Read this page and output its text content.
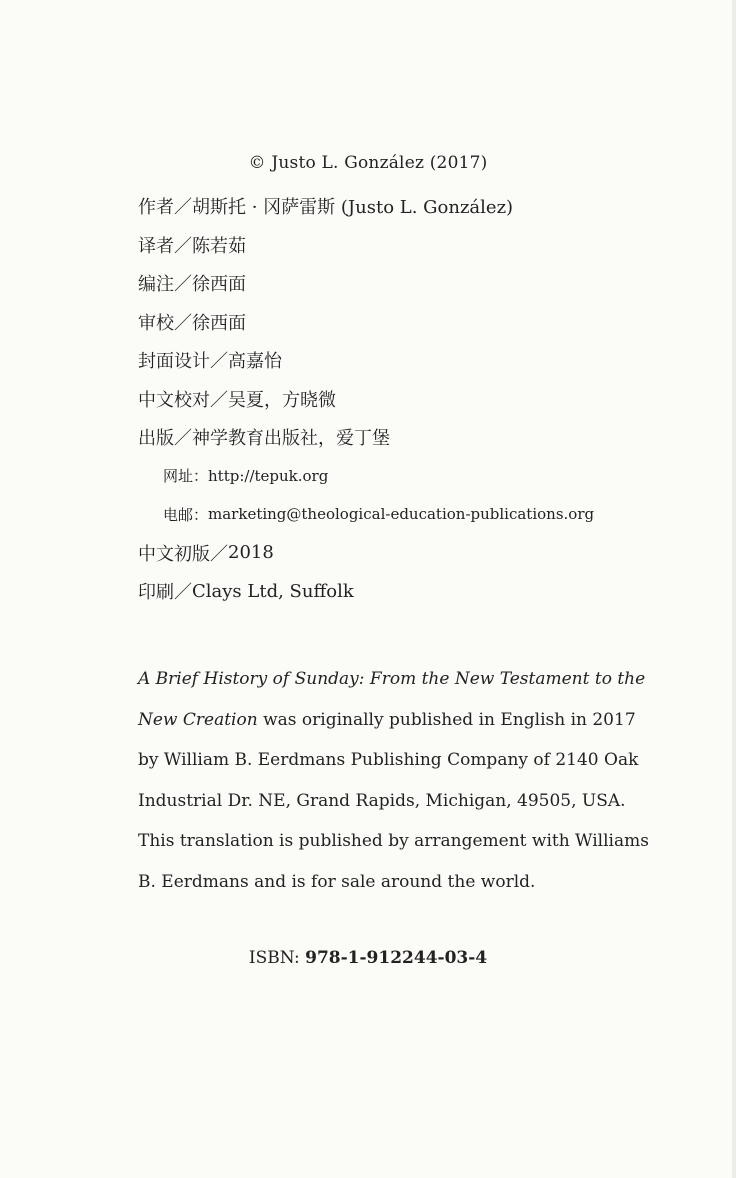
© Justo L. González (2017)
作者／ 胡斯托 · 冈萨雷斯 (Justo L. González)
译者／ 陈若茹
编注／ 徐西面
审校／ 徐西面
封面设计／ 高嘉怡
中文校对／ 吴夏，方晓微
出版／ 神学教育出版社，爱丁堡
网址： http://tepuk.org
电邮： marketing@theological-education-publications.org
中文初版／ 2018
印刷／ Clays Ltd, Suffolk
A Brief History of Sunday: From the New Testament to the
New Creation was originally published in English in 2017
by William B. Eerdmans Publishing Company of 2140 Oak
Industrial Dr. NE, Grand Rapids, Michigan, 49505, USA.
This translation is published by arrangement with Williams
B. Eerdmans and is for sale around the world.
ISBN: 978-1-912244-03-4
